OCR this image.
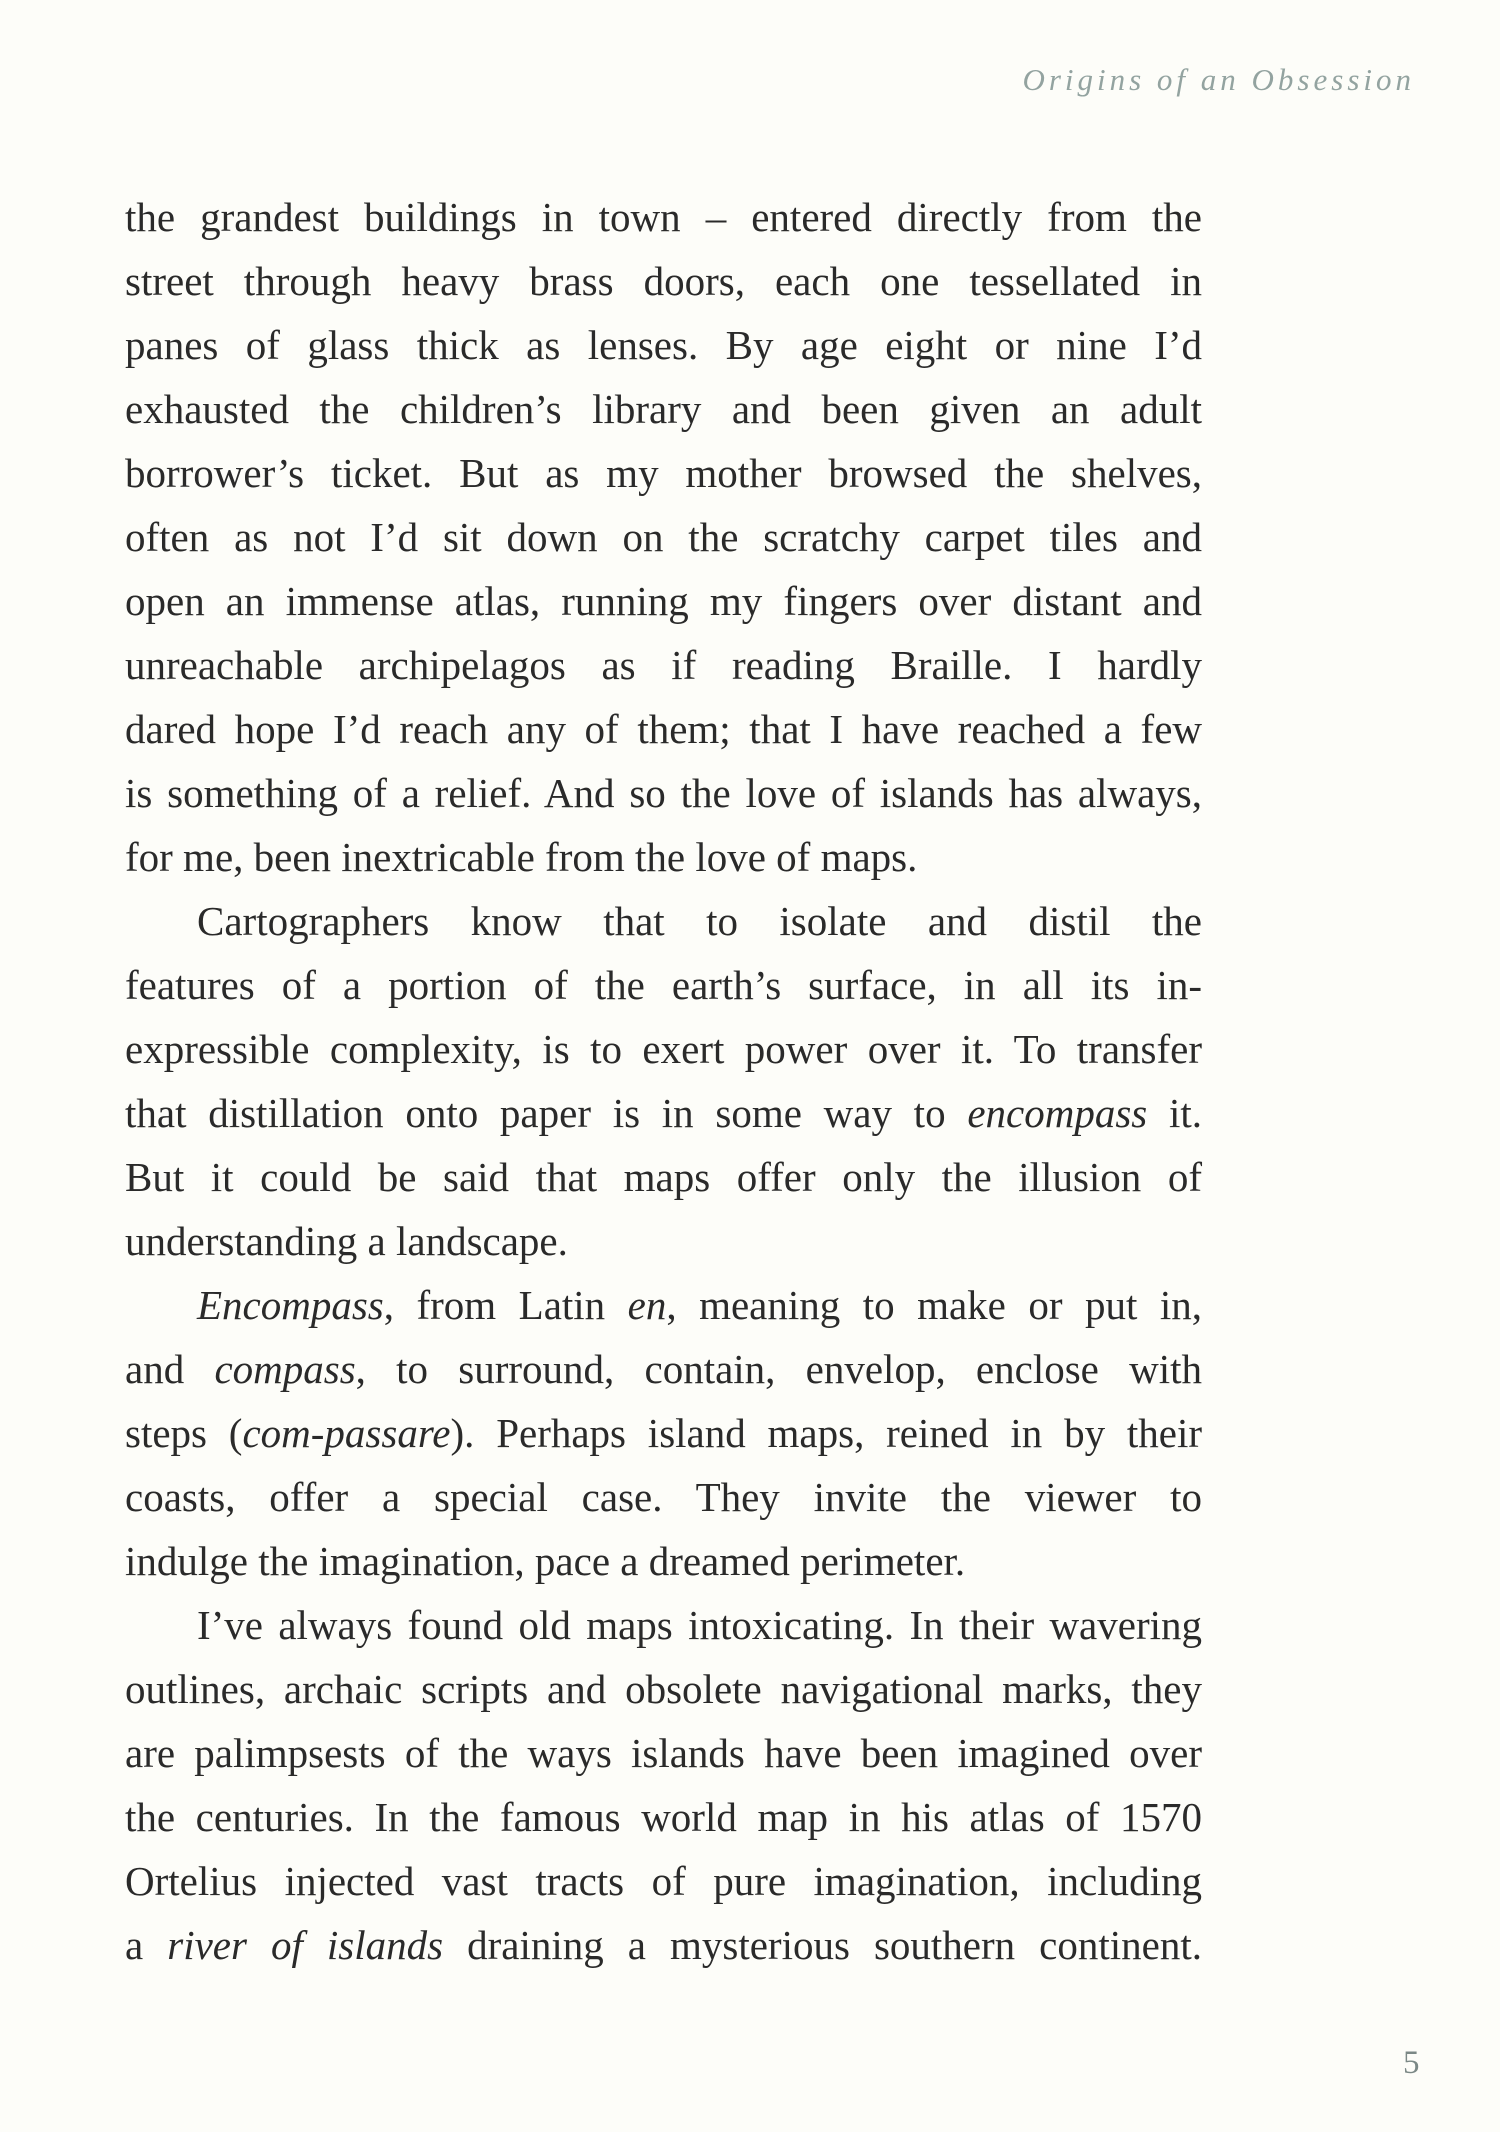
Origins of an Obsession
the grandest buildings in town – entered directly from the
street through heavy brass doors, each one tessellated in
panes of glass thick as lenses. By age eight or nine I’d
exhausted the children’s library and been given an adult
borrower’s ticket. But as my mother browsed the shelves,
often as not I’d sit down on the scratchy carpet tiles and
open an immense atlas, running my fingers over distant and
unreachable archipelagos as if reading Braille. I hardly
dared hope I’d reach any of them; that I have reached a few
is something of a relief. And so the love of islands has always,
for me, been inextricable from the love of maps.
Cartographers know that to isolate and distil the
features of a portion of the earth’s surface, in all its in-
expressible complexity, is to exert power over it. To transfer
that distillation onto paper is in some way to encompass it.
But it could be said that maps offer only the illusion of
understanding a landscape.
Encompass, from Latin en, meaning to make or put in,
and compass, to surround, contain, envelop, enclose with
steps (com-passare). Perhaps island maps, reined in by their
coasts, offer a special case. They invite the viewer to
indulge the imagination, pace a dreamed perimeter.
I’ve always found old maps intoxicating. In their wavering
outlines, archaic scripts and obsolete navigational marks, they
are palimpsests of the ways islands have been imagined over
the centuries. In the famous world map in his atlas of 1570
Ortelius injected vast tracts of pure imagination, including
a river of islands draining a mysterious southern continent.
5
